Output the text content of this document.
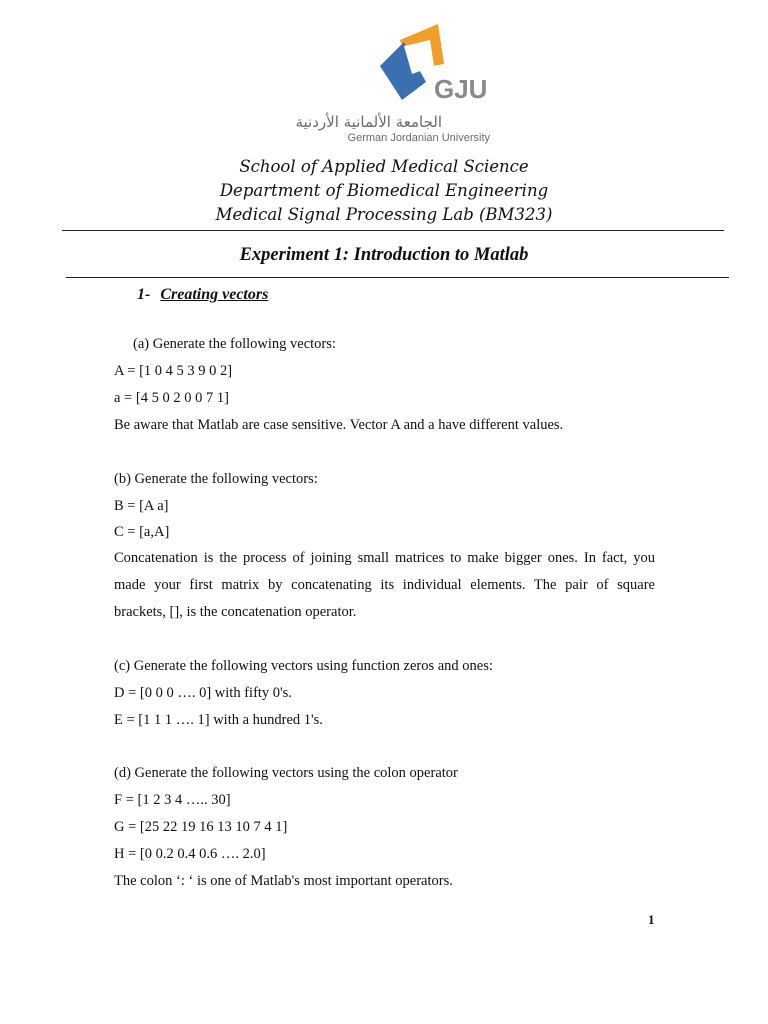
GJU
الجامعة الألمانية الأردنية
German Jordanian University
School of Applied Medical Science
Department of Biomedical Engineering
Medical Signal Processing Lab (BM323)
Experiment 1: Introduction to Matlab
1- Creating vectors
(a) Generate the following vectors:
A = [1 0 4 5 3 9 0 2]
a = [4 5 0 2 0 0 7 1]
Be aware that Matlab are case sensitive. Vector A and a have different values.
(b) Generate the following vectors:
B = [A a]
C = [a,A]
Concatenation is the process of joining small matrices to make bigger ones. In fact, you
made your first matrix by concatenating its individual elements. The pair of square
brackets, [], is the concatenation operator.
(c) Generate the following vectors using function zeros and ones:
D = [0 0 0 …. 0] with fifty 0's.
E = [1 1 1 …. 1] with a hundred 1's.
(d) Generate the following vectors using the colon operator
F = [1 2 3 4 ….. 30]
G = [25 22 19 16 13 10 7 4 1]
H = [0 0.2 0.4 0.6 …. 2.0]
The colon ‘: ‘ is one of Matlab's most important operators.
1
